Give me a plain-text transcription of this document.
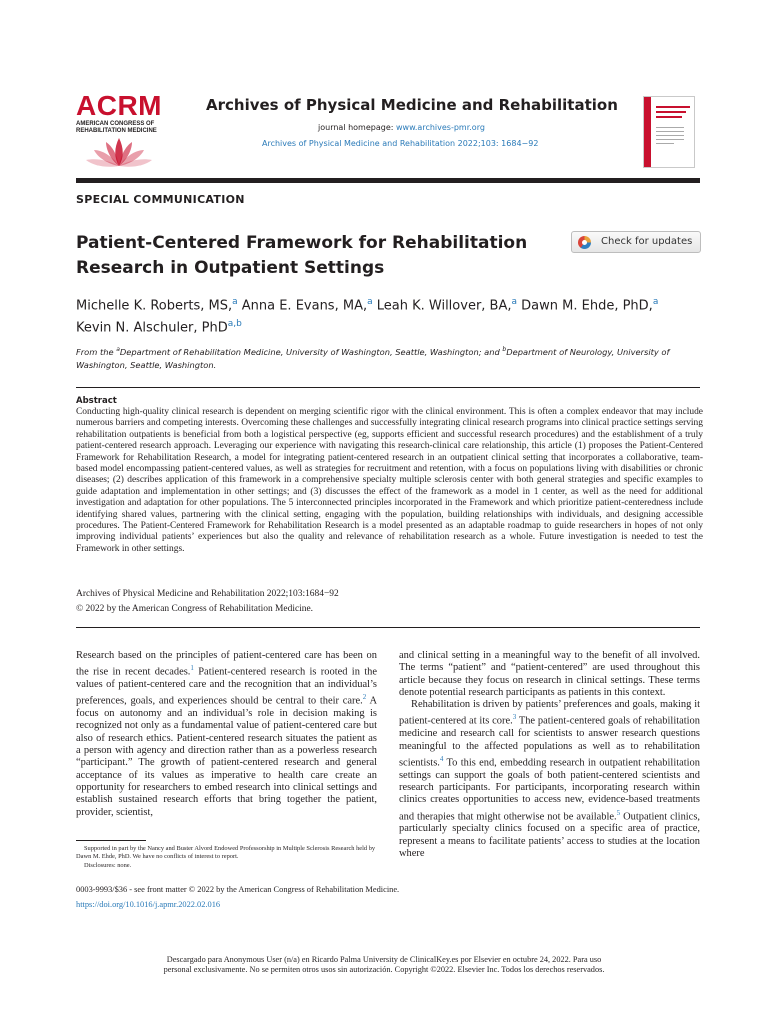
ACRM
AMERICAN CONGRESS OF REHABILITATION MEDICINE
Archives of Physical Medicine and Rehabilitation
journal homepage: www.archives-pmr.org
Archives of Physical Medicine and Rehabilitation 2022;103: 1684−92
SPECIAL COMMUNICATION
Patient-Centered Framework for Rehabilitation Research in Outpatient Settings
Check for updates
Michelle K. Roberts, MS,$^a$ Anna E. Evans, MA,$^a$ Leah K. Willover, BA,$^a$ Dawn M. Ehde, PhD,$^a$
Kevin N. Alschuler, PhD$^{a,b}$
From the $^a$Department of Rehabilitation Medicine, University of Washington, Seattle, Washington; and $^b$Department of Neurology, University of Washington, Seattle, Washington.
Abstract
Conducting high-quality clinical research is dependent on merging scientific rigor with the clinical environment. This is often a complex endeavor that may include numerous barriers and competing interests. Overcoming these challenges and successfully integrating clinical research programs into clinical practice settings serving rehabilitation outpatients is beneficial from both a logistical perspective (eg, supports efficient and successful research procedures) and the establishment of a truly patient-centered research approach. Leveraging our experience with navigating this research-clinical care relationship, this article (1) proposes the Patient-Centered Framework for Rehabilitation Research, a model for integrating patient-centered research in an outpatient clinical setting that incorporates a collaborative, team-based model encompassing patient-centered values, as well as strategies for recruitment and retention, with a focus on populations living with disabilities or chronic diseases; (2) describes application of this framework in a comprehensive specialty multiple sclerosis center with both general strategies and specific examples to guide adaptation and implementation in other settings; and (3) discusses the effect of the framework as a model in 1 center, as well as the need for additional investigation and adaptation for other populations. The 5 interconnected principles incorporated in the Framework and which prioritize patient-centeredness include identifying shared values, partnering with the clinical setting, engaging with the population, building relationships with individuals, and designing accessible procedures. The Patient-Centered Framework for Rehabilitation Research is a model presented as an adaptable roadmap to guide researchers in hopes of not only improving individual patients’ experiences but also the quality and relevance of rehabilitation research as a whole. Future investigation is needed to test the Framework in other settings.
Archives of Physical Medicine and Rehabilitation 2022;103:1684−92
© 2022 by the American Congress of Rehabilitation Medicine.

Research based on the principles of patient-centered care has been on the rise in recent decades.$^1$ Patient-centered research is rooted in the values of patient-centered care and the recognition that an individual’s preferences, goals, and experiences should be central to their care.$^2$ A focus on autonomy and an individual’s role in decision making is recognized not only as a fundamental value of patient-centered care but also of research ethics. Patient-centered research situates the patient as a person with agency and direction rather than as a powerless research “participant.” The growth of patient-centered research and general acceptance of its values as imperative to health care create an opportunity for researchers to embed research into clinical settings and establish sustained research efforts that bring together the patient, provider, scientist,

and clinical setting in a meaningful way to the benefit of all involved. The terms “patient” and “patient-centered” are used throughout this article because they focus on research in clinical settings. These terms denote potential research participants as patients in this context.

Rehabilitation is driven by patients’ preferences and goals, making it patient-centered at its core.$^3$ The patient-centered goals of rehabilitation medicine and research call for scientists to answer research questions meaningful to the affected populations as well as to rehabilitation scientists.$^4$ To this end, embedding research in outpatient rehabilitation settings can support the goals of both patient-centered scientists and research participants. For participants, incorporating research within clinics creates opportunities to access new, evidence-based treatments and therapies that might otherwise not be available.$^5$ Outpatient clinics, particularly specialty clinics focused on a specific area of practice, represent a means to facilitate patients’ access to studies at the location where

Supported in part by the Nancy and Buster Alvord Endowed Professorship in Multiple Sclerosis Research held by Dawn M. Ehde, PhD. We have no conflicts of interest to report.

Disclosures: none.

0003-9993/$36 - see front matter © 2022 by the American Congress of Rehabilitation Medicine.
https://doi.org/10.1016/j.apmr.2022.02.016
Descargado para Anonymous User (n/a) en Ricardo Palma University de ClinicalKey.es por Elsevier en octubre 24, 2022. Para uso
personal exclusivamente. No se permiten otros usos sin autorización. Copyright ©2022. Elsevier Inc. Todos los derechos reservados.
